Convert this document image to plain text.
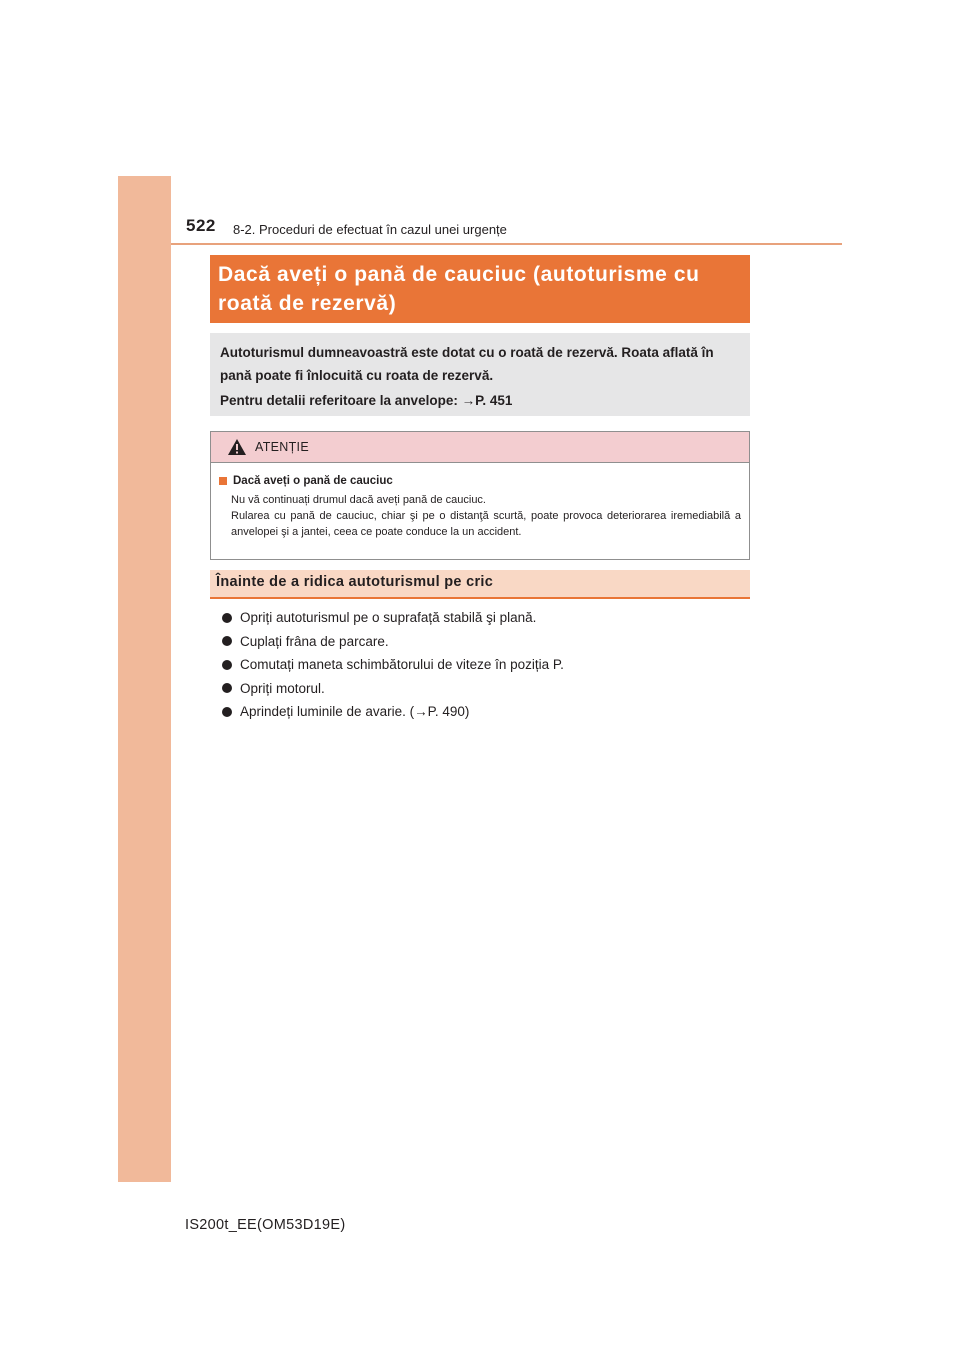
522 8-2. Proceduri de efectuat în cazul unei urgențe
Dacă aveți o pană de cauciuc (autoturisme cu roată de rezervă)

Autoturismul dumneavoastră este dotat cu o roată de rezervă. Roata aflată în pană poate fi înlocuită cu roata de rezervă.

Pentru detalii referitoare la anvelope: →P. 451

ATENȚIE
Dacă aveți o pană de cauciuc

Nu vă continuați drumul dacă aveți pană de cauciuc.

Rularea cu pană de cauciuc, chiar şi pe o distanţă scurtă, poate provoca deteriorarea iremediabilă a anvelopei şi a jantei, ceea ce poate conduce la un accident.

Înainte de a ridica autoturismul pe cric
Opriți autoturismul pe o suprafață stabilă şi plană.
Cuplați frâna de parcare.
Comutați maneta schimbătorului de viteze în poziția P.
Opriți motorul.
Aprindeți luminile de avarie. (→P. 490)
IS200t_EE(OM53D19E)
